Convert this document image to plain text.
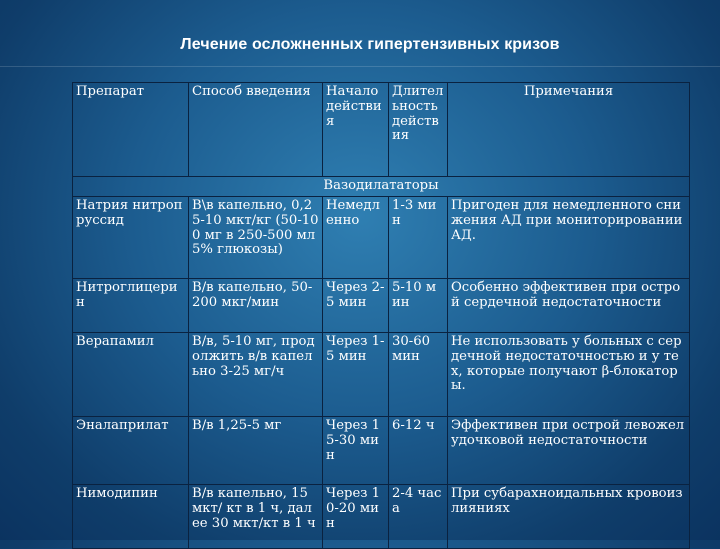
Лечение осложненных гипертензивных кризов
Препарат	Способ введения	Начало действия	Длительность действия	Примечания
Вазодилататоры				
Натрия нитропруссид	В\в капельно, 0,25-10 мкт/кг (50-100 мг в 250-500 мл 5% глюкозы)	Немедленно	1-3 мин	Пригоден для немедленного снижения АД при мониторировании АД.
Нитроглицерин	В/в капельно, 50-200 мкг/мин	Через 2-5 мин	5-10 мин	Особенно эффективен при острой сердечной недостаточности
Верапамил	В/в, 5-10 мг, продолжить в/в капельно 3-25 мг/ч	Через 1-5 мин	30-60 мин	Не использовать у больных с сердечной недостаточностью и у тех, которые получают β-блокаторы.
Эналаприлат	В/в 1,25-5 мг	Через 15-30 мин	6-12 ч	Эффективен при острой левожелудочковой недостаточности
Нимодипин	В/в капельно, 15 мкт/ кт в 1 ч, далее 30 мкт/кт в 1 ч	Через 10-20 мин	2-4 часа	При субарахноидальных кровоизлияниях
